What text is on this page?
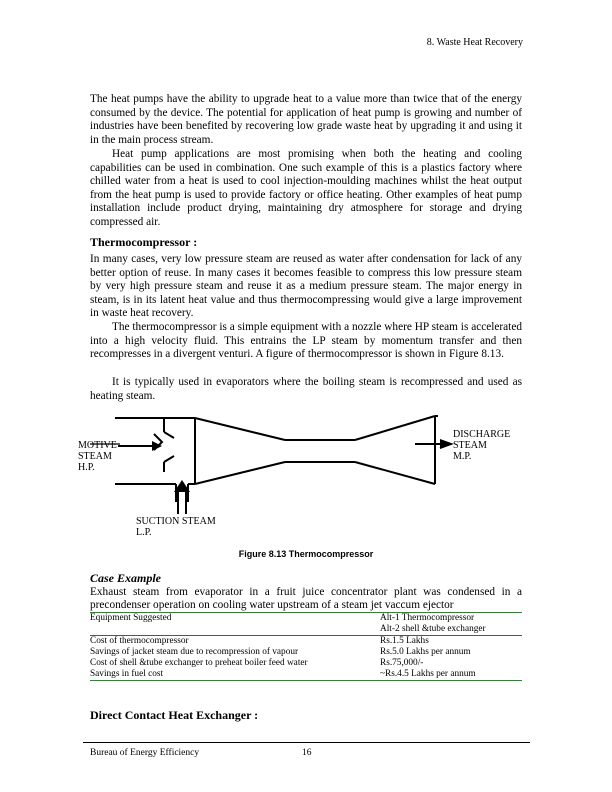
8. Waste Heat Recovery

The heat pumps have the ability to upgrade heat to a value more than twice that of the energy consumed by the device. The potential for application of heat pump is growing and number of industries have been benefited by recovering low grade waste heat by upgrading it and using it in the main process stream.

Heat pump applications are most promising when both the heating and cooling capabilities can be used in combination. One such example of this is a plastics factory where chilled water from a heat is used to cool injection-moulding machines whilst the heat output from the heat pump is used to provide factory or office heating. Other examples of heat pump installation include product drying, maintaining dry atmosphere for storage and drying compressed air.

Thermocompressor :

In many cases, very low pressure steam are reused as water after condensation for lack of any better option of reuse. In many cases it becomes feasible to compress this low pressure steam by very high pressure steam and reuse it as a medium pressure steam. The major energy in steam, is in its latent heat value and thus thermocompressing would give a large improvement in waste heat recovery.

The thermocompressor is a simple equipment with a nozzle where HP steam is accelerated into a high velocity fluid. This entrains the LP steam by momentum transfer and then recompresses in a divergent venturi. A figure of thermocompressor is shown in Figure 8.13.

It is typically used in evaporators where the boiling steam is recompressed and used as heating steam.

MOTIVE
STEAM
H.P.
DISCHARGE
STEAM
M.P.
SUCTION STEAM
L.P.
Figure 8.13 Thermocompressor
Case Example
Exhaust steam from evaporator in a fruit juice concentrator plant was condensed in a precondenser operation on cooling water upstream of a steam jet vaccum ejector
Equipment Suggested	Alt-1 Thermocompressor
Alt-2 shell &tube exchanger

Cost of thermocompressor	Rs.1.5 Lakhs
Savings of jacket steam due to recompression of vapour	Rs.5.0 Lakhs per annum
Cost of shell &tube exchanger to preheat boiler feed water	Rs.75,000/-
Savings in fuel cost	~Rs.4.5 Lakhs per annum
Direct Contact Heat Exchanger :
Bureau of Energy Efficiency	16
